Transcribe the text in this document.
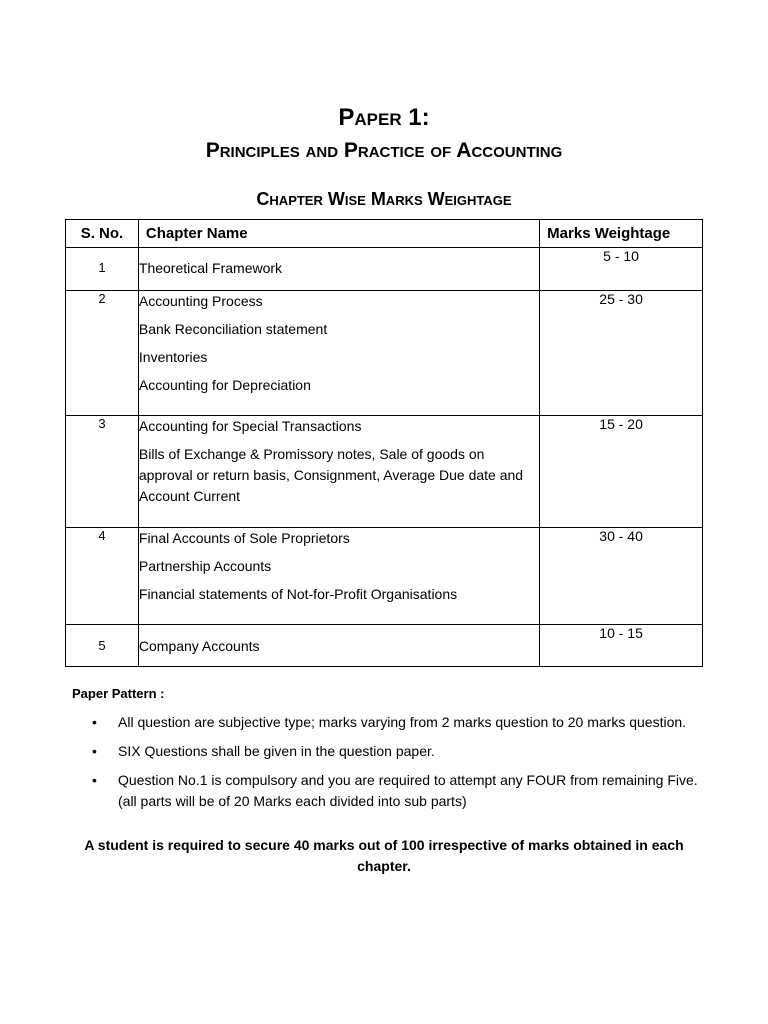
Paper 1:
Principles and Practice of Accounting
Chapter Wise Marks Weightage
S. No.	Chapter Name	Marks Weightage
1	Theoretical Framework	5 - 10
2	Accounting Process
Bank Reconciliation statement
Inventories
Accounting for Depreciation	25 - 30
3	Accounting for Special Transactions
Bills of Exchange & Promissory notes, Sale of goods on approval or return basis, Consignment, Average Due date and Account Current	15 - 20
4	Final Accounts of Sole Proprietors
Partnership Accounts
Financial statements of Not-for-Profit Organisations	30 - 40
5	Company Accounts	10 - 15
Paper Pattern :
• All question are subjective type; marks varying from 2 marks question to 20 marks question.
• SIX Questions shall be given in the question paper.
• Question No.1 is compulsory and you are required to attempt any FOUR from remaining Five. (all parts will be of 20 Marks each divided into sub parts)
A student is required to secure 40 marks out of 100 irrespective of marks obtained in each chapter.
